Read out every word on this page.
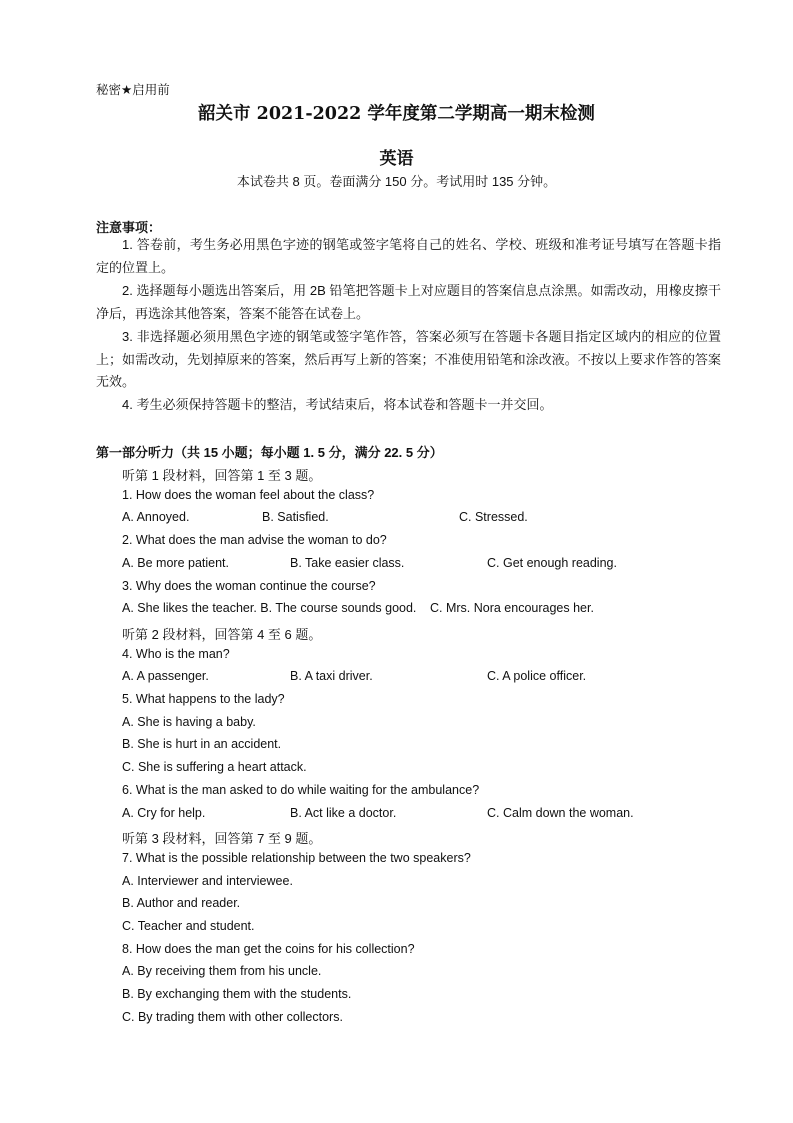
秘密★启用前
韶关市 2021-2022 学年度第二学期高一期末检测
英语
本试卷共 8 页。卷面满分 150 分。考试用时 135 分钟。
注意事项：
1. 答卷前，考生务必用黑色字迹的钢笔或签字笔将自己的姓名、学校、班级和准考证号填写在答题卡指定的位置上。
2. 选择题每小题选出答案后，用 2B 铅笔把答题卡上对应题目的答案信息点涂黑。如需改动，用橡皮擦干净后，再选涂其他答案，答案不能答在试卷上。
3. 非选择题必须用黑色字迹的钢笔或签字笔作答，答案必须写在答题卡各题目指定区域内的相应的位置上；如需改动，先划掉原来的答案，然后再写上新的答案；不准使用铅笔和涂改液。不按以上要求作答的答案无效。
4. 考生必须保持答题卡的整洁，考试结束后，将本试卷和答题卡一并交回。
第一部分听力（共 15 小题；每小题 1. 5 分，满分 22. 5 分）
听第 1 段材料，回答第 1 至 3 题。
1. How does the woman feel about the class?
A. Annoyed.	B. Satisfied.	C. Stressed.
2. What does the man advise the woman to do?
A. Be more patient.	B. Take easier class.	C. Get enough reading.
3. Why does the woman continue the course?
A. She likes the teacher. B. The course sounds good. C. Mrs. Nora encourages her.
听第 2 段材料，回答第 4 至 6 题。
4. Who is the man?
A. A passenger.	B. A taxi driver.	C. A police officer.
5. What happens to the lady?
A. She is having a baby.
B. She is hurt in an accident.
C. She is suffering a heart attack.
6. What is the man asked to do while waiting for the ambulance?
A. Cry for help.	B. Act like a doctor.	C. Calm down the woman.
听第 3 段材料，回答第 7 至 9 题。
7. What is the possible relationship between the two speakers?
A. Interviewer and interviewee.
B. Author and reader.
C. Teacher and student.
8. How does the man get the coins for his collection?
A. By receiving them from his uncle.
B. By exchanging them with the students.
C. By trading them with other collectors.
